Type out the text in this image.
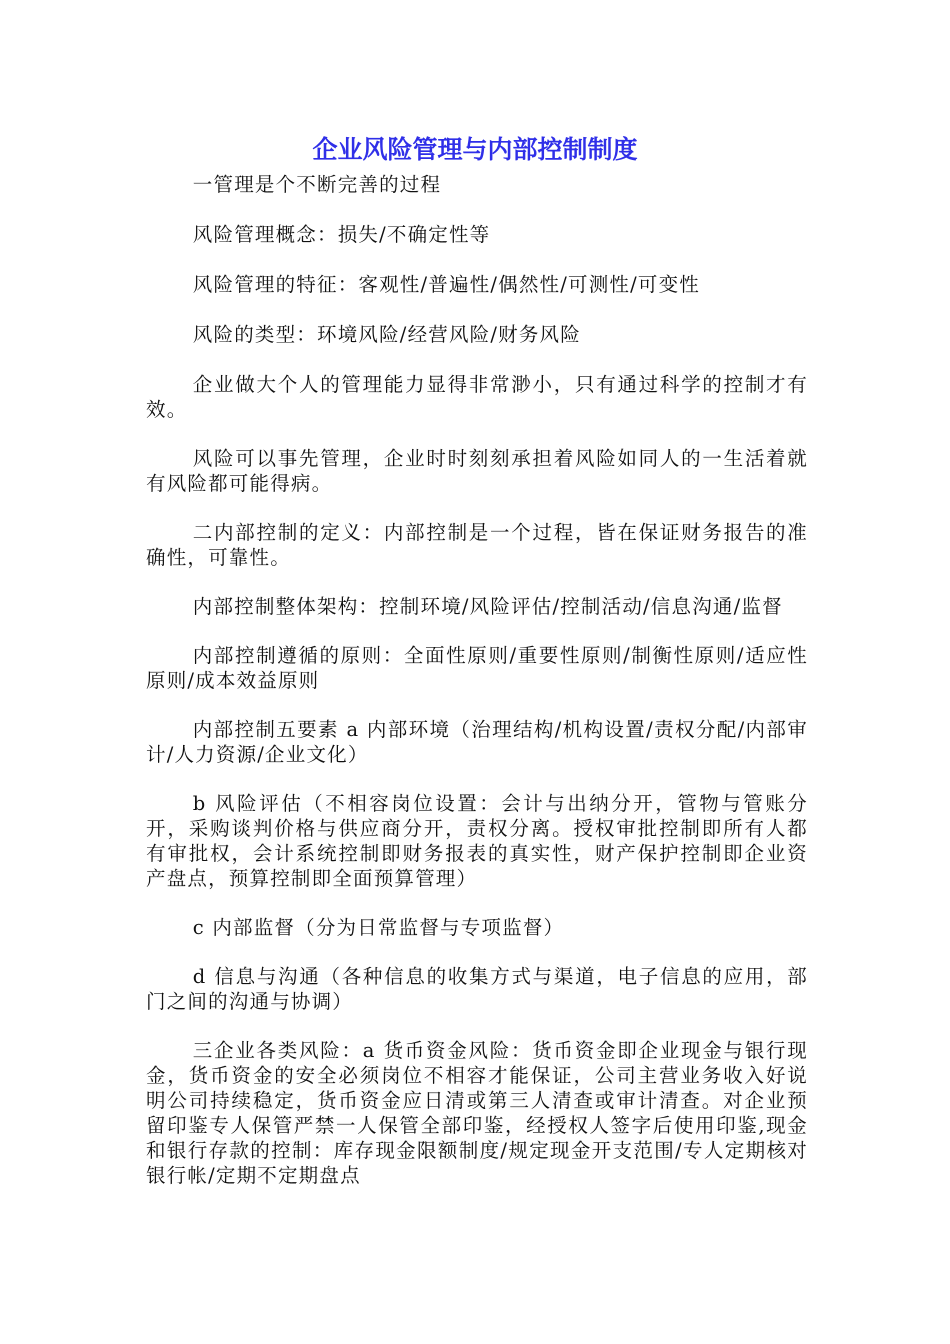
企业风险管理与内部控制制度

一管理是个不断完善的过程

风险管理概念：损失/不确定性等

风险管理的特征：客观性/普遍性/偶然性/可测性/可变性

风险的类型：环境风险/经营风险/财务风险

企业做大个人的管理能力显得非常渺小，只有通过科学的控制才有效。

风险可以事先管理，企业时时刻刻承担着风险如同人的一生活着就有风险都可能得病。

二内部控制的定义：内部控制是一个过程，皆在保证财务报告的准确性，可靠性。

内部控制整体架构：控制环境/风险评估/控制活动/信息沟通/监督

内部控制遵循的原则：全面性原则/重要性原则/制衡性原则/适应性原则/成本效益原则

内部控制五要素 a 内部环境（治理结构/机构设置/责权分配/内部审计/人力资源/企业文化）

b 风险评估（不相容岗位设置：会计与出纳分开，管物与管账分开，采购谈判价格与供应商分开，责权分离。授权审批控制即所有人都有审批权，会计系统控制即财务报表的真实性，财产保护控制即企业资产盘点，预算控制即全面预算管理）

c 内部监督（分为日常监督与专项监督）

d 信息与沟通（各种信息的收集方式与渠道，电子信息的应用，部门之间的沟通与协调）

三企业各类风险：a 货币资金风险：货币资金即企业现金与银行现金，货币资金的安全必须岗位不相容才能保证，公司主营业务收入好说明公司持续稳定，货币资金应日清或第三人清查或审计清查。对企业预留印鉴专人保管严禁一人保管全部印鉴，经授权人签字后使用印鉴,现金和银行存款的控制：库存现金限额制度/规定现金开支范围/专人定期核对银行帐/定期不定期盘点
